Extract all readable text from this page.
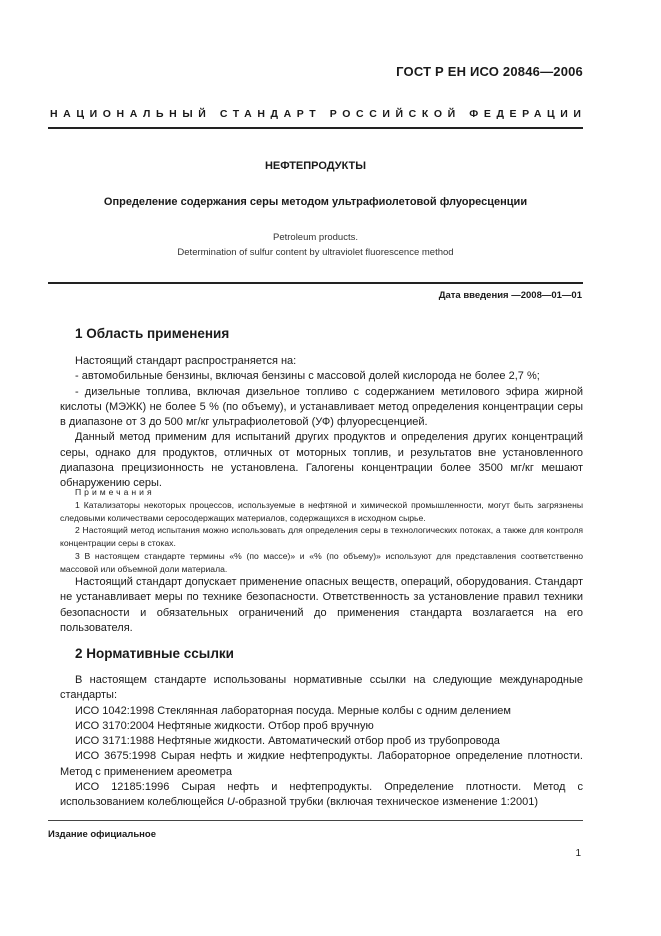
ГОСТ Р ЕН ИСО 20846—2006
НАЦИОНАЛЬНЫЙ СТАНДАРТ РОССИЙСКОЙ ФЕДЕРАЦИИ
НЕФТЕПРОДУКТЫ
Определение содержания серы методом ультрафиолетовой флуоресценции
Petroleum products.
Determination of sulfur content by ultraviolet fluorescence method
Дата введения —2008—01—01
1 Область применения

Настоящий стандарт распространяется на:

- автомобильные бензины, включая бензины с массовой долей кислорода не более 2,7 %;

- дизельные топлива, включая дизельное топливо с содержанием метилового эфира жирной кислоты (МЭЖК) не более 5 % (по объему), и устанавливает метод определения концентрации серы в диапазоне от 3 до 500 мг/кг ультрафиолетовой (УФ) флуоресценцией.

Данный метод применим для испытаний других продуктов и определения других концентраций серы, однако для продуктов, отличных от моторных топлив, и результатов вне установленного диапазона прецизионность не установлена. Галогены концентрации более 3500 мг/кг мешают обнаружению серы.

Примечания

1 Катализаторы некоторых процессов, используемые в нефтяной и химической промышленности, могут быть загрязнены следовыми количествами серосодержащих материалов, содержащихся в исходном сырье.

2 Настоящий метод испытания можно использовать для определения серы в технологических потоках, а также для контроля концентрации серы в стоках.

3 В настоящем стандарте термины «% (по массе)» и «% (по объему)» используют для представления соответственно массовой или объемной доли материала.

Настоящий стандарт допускает применение опасных веществ, операций, оборудования. Стандарт не устанавливает меры по технике безопасности. Ответственность за установление правил техники безопасности и обязательных ограничений до применения стандарта возлагается на его пользователя.

2 Нормативные ссылки

В настоящем стандарте использованы нормативные ссылки на следующие международные стандарты:

ИСО 1042:1998 Стеклянная лабораторная посуда. Мерные колбы с одним делением

ИСО 3170:2004 Нефтяные жидкости. Отбор проб вручную

ИСО 3171:1988 Нефтяные жидкости. Автоматический отбор проб из трубопровода

ИСО 3675:1998 Сырая нефть и жидкие нефтепродукты. Лабораторное определение плотности. Метод с применением ареометра

ИСО 12185:1996 Сырая нефть и нефтепродукты. Определение плотности. Метод с использованием колеблющейся U-образной трубки (включая техническое изменение 1:2001)

Издание официальное
1
